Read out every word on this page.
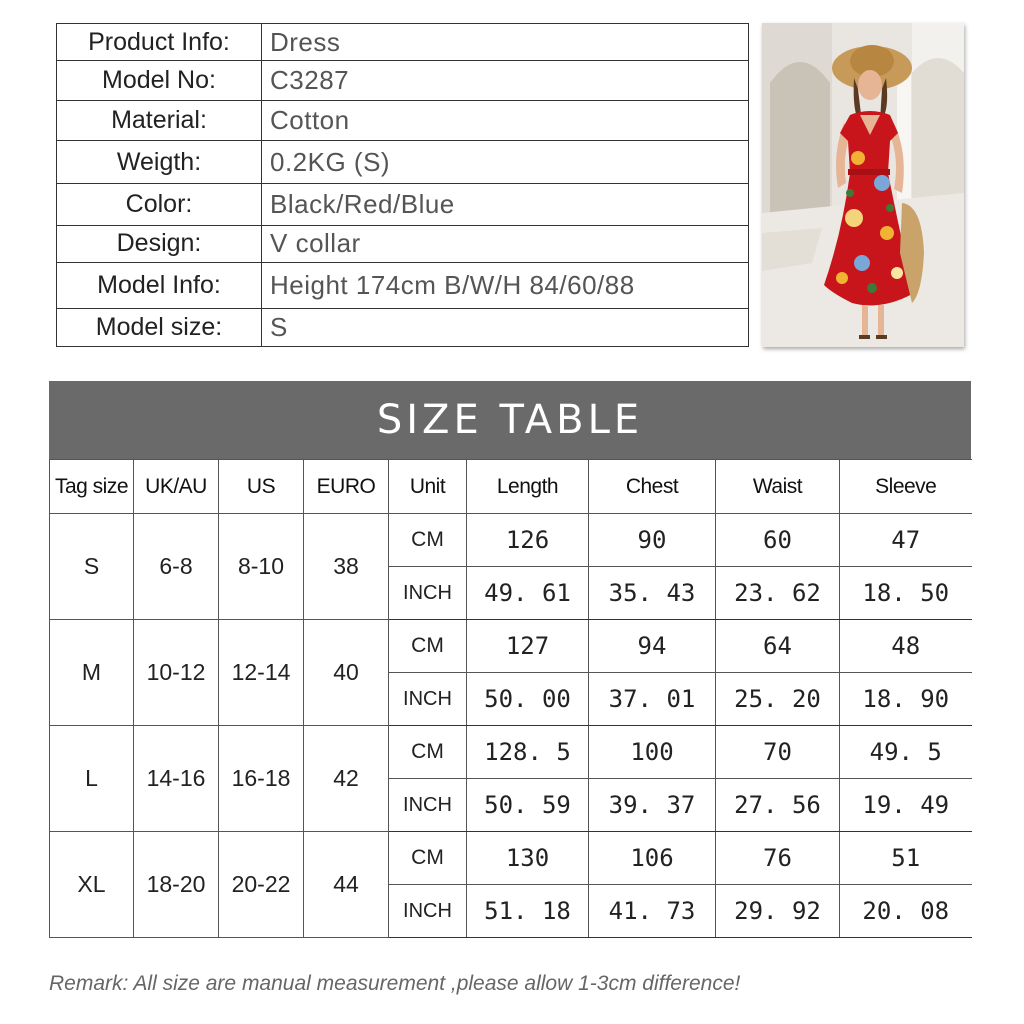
Product Info:	Dress
Model No:	C3287
Material:	Cotton
Weigth:	0.2KG (S)
Color:	Black/Red/Blue
Design:	V collar
Model Info:	Height 174cm B/W/H 84/60/88
Model size:	S
SIZE TABLE
Tag size	UK/AU	US	EURO	Unit	Length	Chest	Waist	Sleeve
S	6-8	8-10	38	CM	126	90	60	47
				INCH	49. 61	35. 43	23. 62	18. 50
M	10-12	12-14	40	CM	127	94	64	48
				INCH	50. 00	37. 01	25. 20	18. 90
L	14-16	16-18	42	CM	128. 5	100	70	49. 5
				INCH	50. 59	39. 37	27. 56	19. 49
XL	18-20	20-22	44	CM	130	106	76	51
				INCH	51. 18	41. 73	29. 92	20. 08
Remark: All size are manual measurement ,please allow 1-3cm difference!
